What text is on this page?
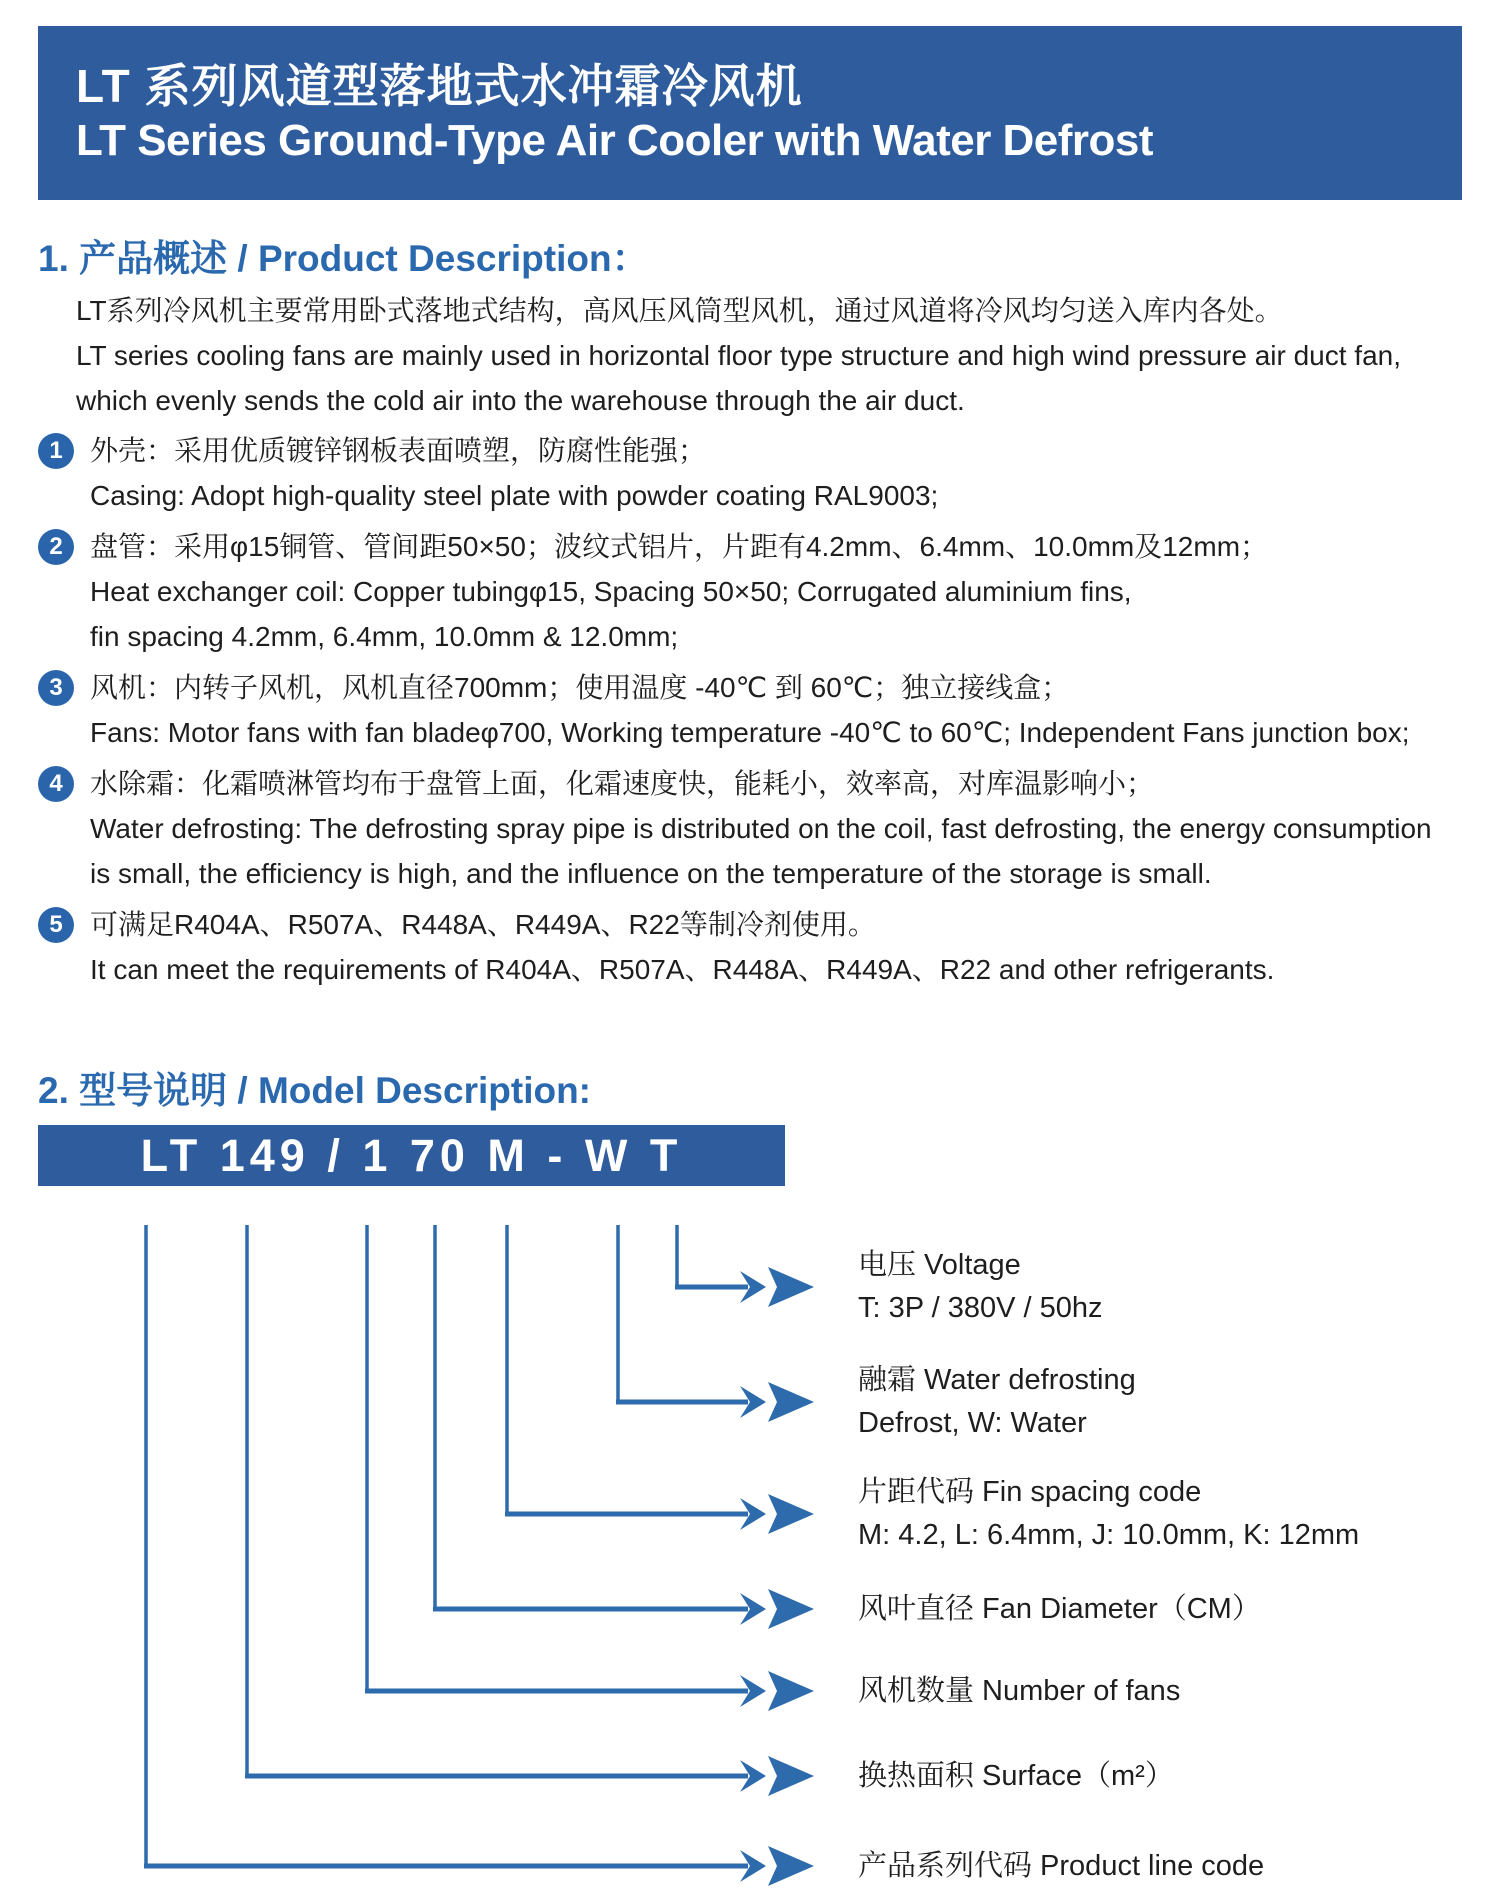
LT 系列风道型落地式水冲霜冷风机
LT Series Ground-Type Air Cooler with Water Defrost
1. 产品概述 / Product Description：
LT系列冷风机主要常用卧式落地式结构，高风压风筒型风机，通过风道将冷风均匀送入库内各处。
LT series cooling fans are mainly used in horizontal floor type structure and high wind pressure air duct fan,
which evenly sends the cold air into the warehouse through the air duct.
1 外壳：采用优质镀锌钢板表面喷塑，防腐性能强；
Casing: Adopt high-quality steel plate with powder coating RAL9003;
2 盘管：采用φ15铜管、管间距50×50；波纹式铝片，片距有4.2mm、6.4mm、10.0mm及12mm；
Heat exchanger coil: Copper tubingφ15, Spacing 50×50; Corrugated aluminium fins,
fin spacing 4.2mm, 6.4mm, 10.0mm & 12.0mm;
3 风机：内转子风机，风机直径700mm；使用温度 -40℃ 到 60℃；独立接线盒；
Fans: Motor fans with fan bladeφ700, Working temperature -40℃ to 60℃; Independent Fans junction box;
4 水除霜：化霜喷淋管均布于盘管上面，化霜速度快，能耗小，效率高，对库温影响小；
Water defrosting: The defrosting spray pipe is distributed on the coil, fast defrosting, the energy consumption
is small, the efficiency is high, and the influence on the temperature of the storage is small.
5 可满足R404A、R507A、R448A、R449A、R22等制冷剂使用。
It can meet the requirements of R404A、R507A、R448A、R449A、R22 and other refrigerants.
2. 型号说明 / Model Description:
LT 149 / 1 70 M - W T
电压 Voltage
T: 3P / 380V / 50hz
融霜 Water defrosting
Defrost, W: Water
片距代码 Fin spacing code
M: 4.2, L: 6.4mm, J: 10.0mm, K: 12mm
风叶直径 Fan Diameter（CM）
风机数量 Number of fans
换热面积 Surface（m²）
产品系列代码 Product line code
